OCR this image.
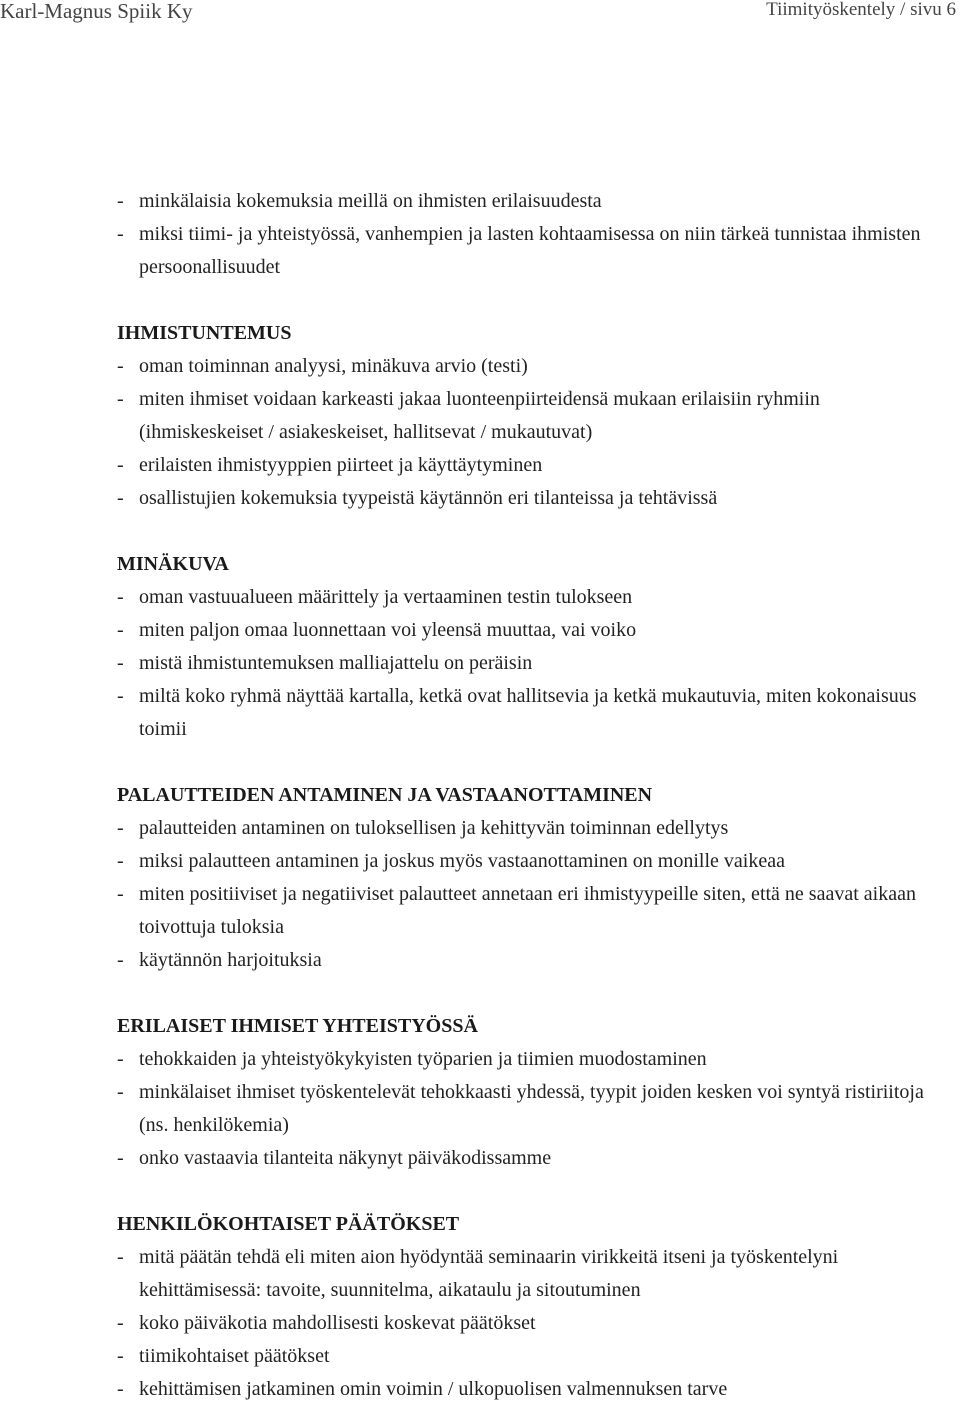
Karl-Magnus Spiik Ky	Tiimityöskentely / sivu 6
- minkälaisia kokemuksia meillä on ihmisten erilaisuudesta
- miksi tiimi- ja yhteistyössä, vanhempien ja lasten kohtaamisessa on niin tärkeä tunnistaa ihmisten persoonallisuudet
IHMISTUNTEMUS
- oman toiminnan analyysi, minäkuva arvio (testi)
- miten ihmiset voidaan karkeasti jakaa luonteenpiirteidensä mukaan erilaisiin ryhmiin (ihmiskeskeiset / asiakeskeiset, hallitsevat / mukautuvat)
- erilaisten ihmistyyppien piirteet ja käyttäytyminen
- osallistujien kokemuksia tyypeistä käytännön eri tilanteissa ja tehtävissä
MINÄKUVA
- oman vastuualueen määrittely ja vertaaminen testin tulokseen
- miten paljon omaa luonnettaan voi yleensä muuttaa, vai voiko
- mistä ihmistuntemuksen malliajattelu on peräisin
- miltä koko ryhmä näyttää kartalla, ketkä ovat hallitsevia ja ketkä mukautuvia, miten kokonaisuus toimii
PALAUTTEIDEN ANTAMINEN JA VASTAANOTTAMINEN
- palautteiden antaminen on tuloksellisen ja kehittyvän toiminnan edellytys
- miksi palautteen antaminen ja joskus myös vastaanottaminen on monille vaikeaa
- miten positiiviset ja negatiiviset palautteet annetaan eri ihmistyypeille siten, että ne saavat aikaan toivottuja tuloksia
- käytännön harjoituksia
ERILAISET IHMISET YHTEISTYÖSSÄ
- tehokkaiden ja yhteistyökykyisten työparien ja tiimien muodostaminen
- minkälaiset ihmiset työskentelevät tehokkaasti yhdessä, tyypit joiden kesken voi syntyä ristiriitoja (ns. henkilökemia)
- onko vastaavia tilanteita näkynyt päiväkodissamme
HENKILÖKOHTAISET PÄÄTÖKSET
- mitä päätän tehdä eli miten aion hyödyntää seminaarin virikkeitä itseni ja työskentelyni kehittämisessä: tavoite, suunnitelma, aikataulu ja sitoutuminen
- koko päiväkotia mahdollisesti koskevat päätökset
- tiimikohtaiset päätökset
- kehittämisen jatkaminen omin voimin / ulkopuolisen valmennuksen tarve
